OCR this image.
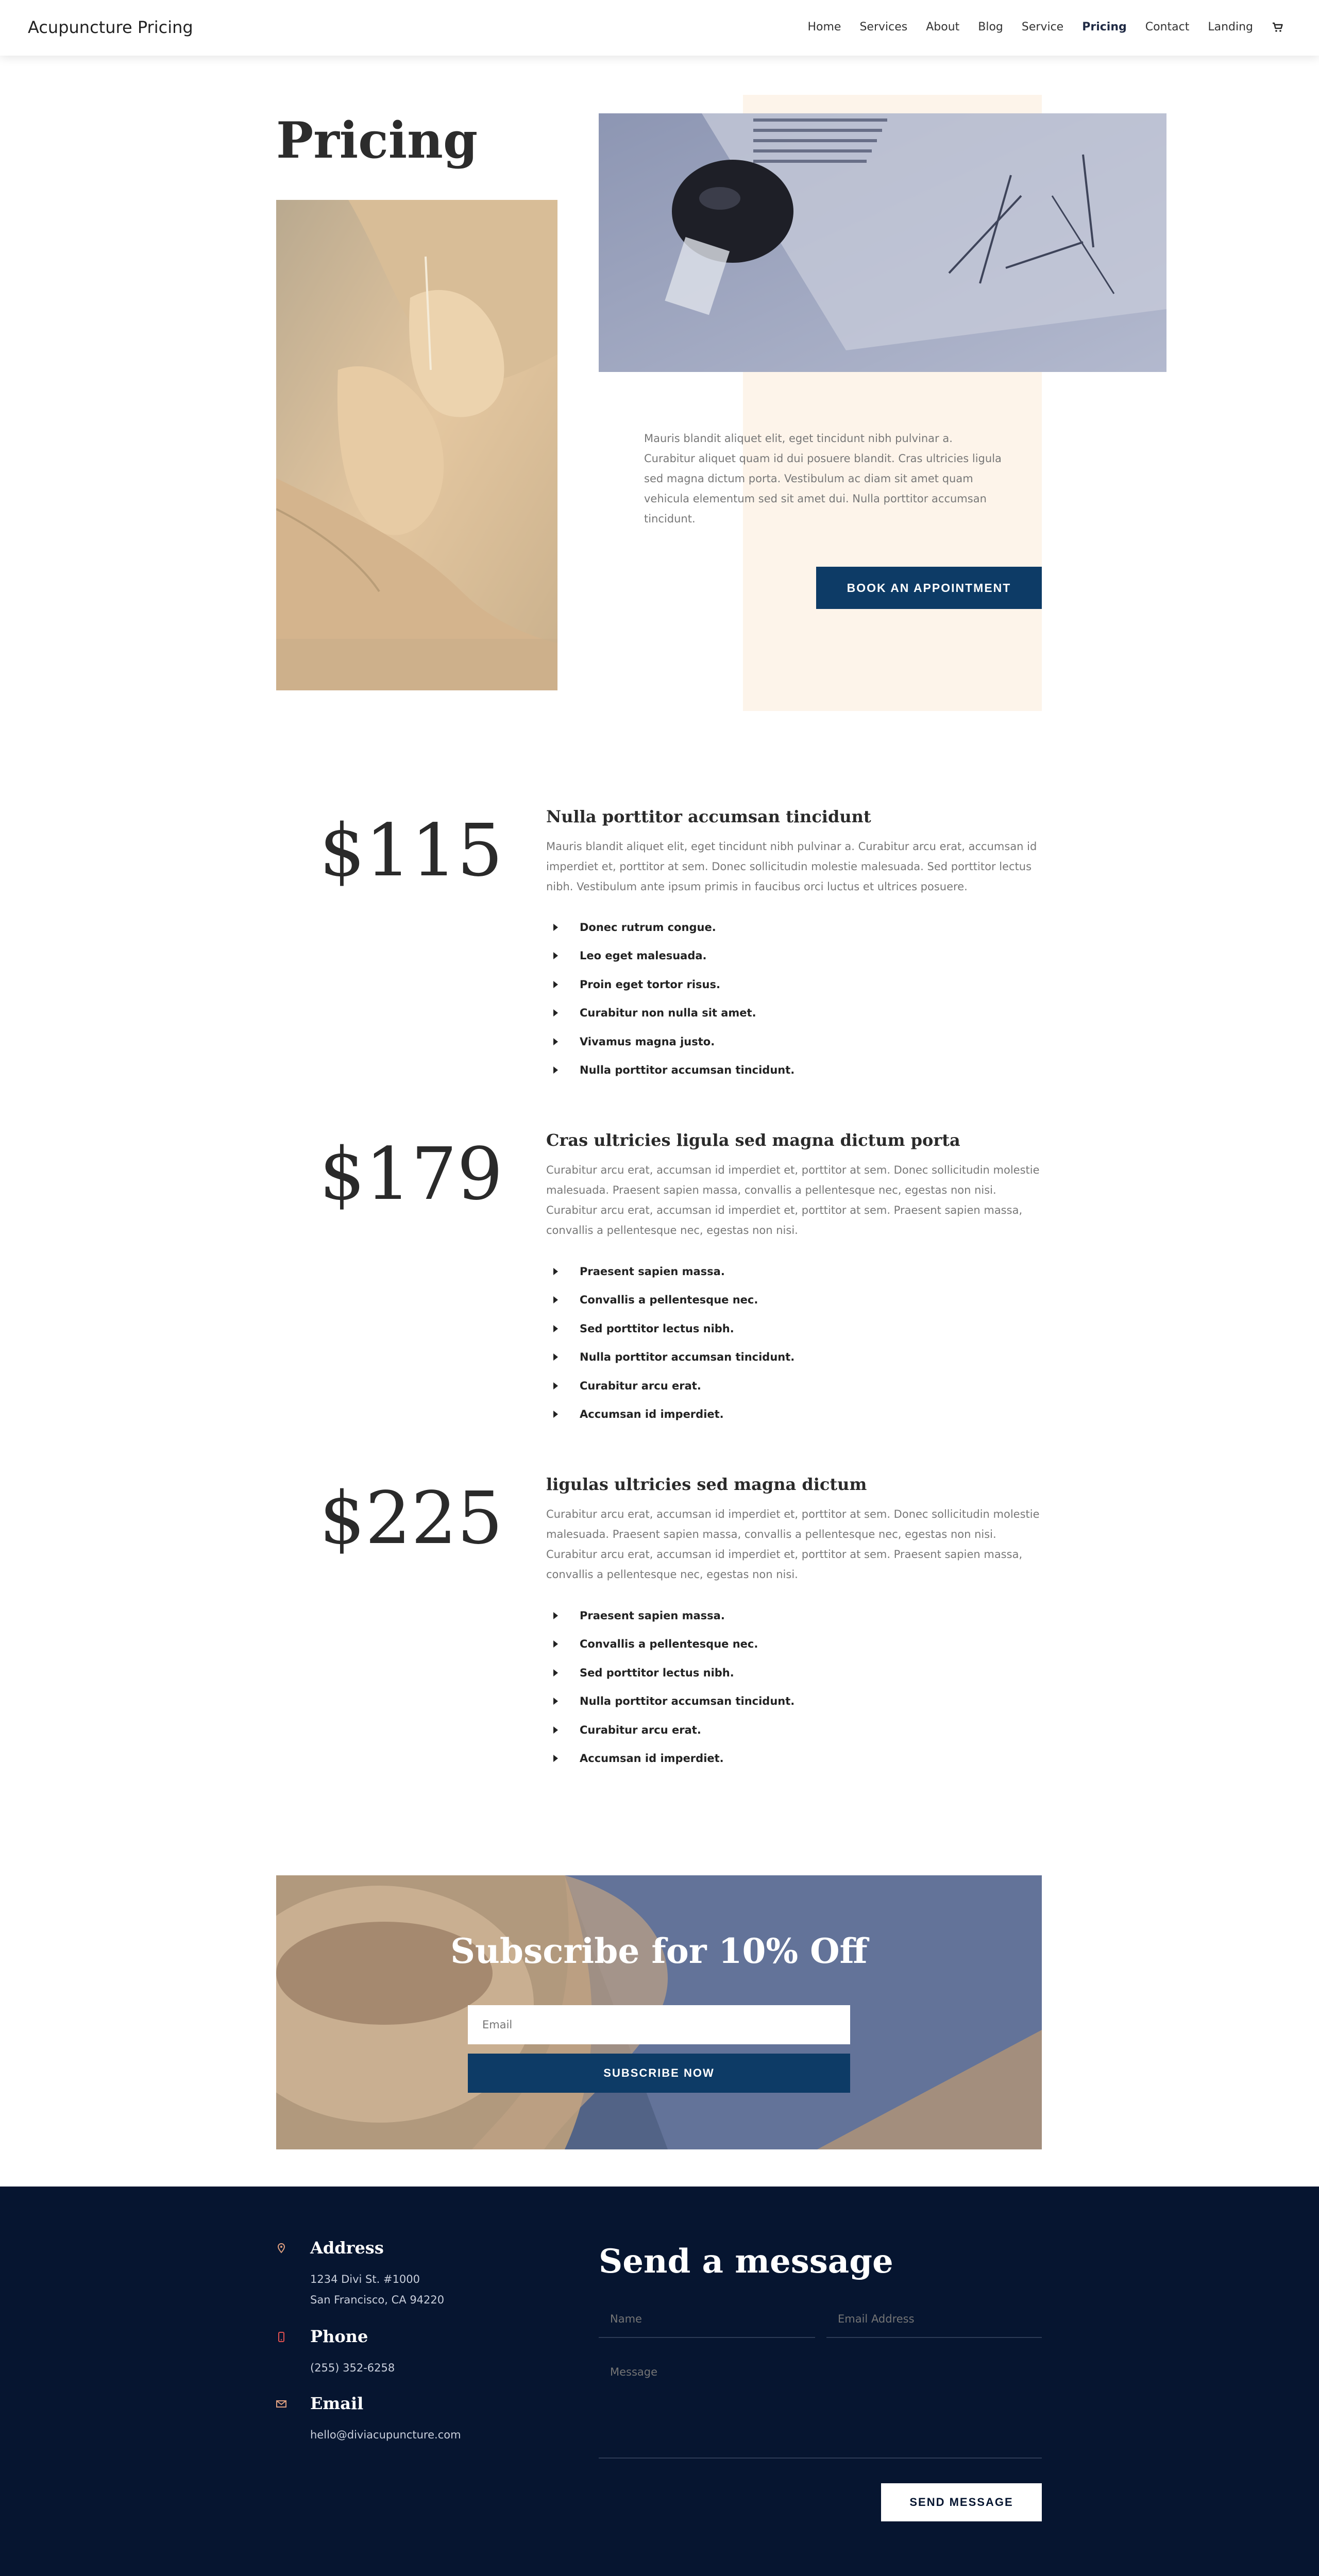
Acupuncture Pricing	Home Services About Blog Service Pricing Contact Landing
Pricing

Mauris blandit aliquet elit, eget tincidunt nibh pulvinar a. Curabitur aliquet quam id dui posuere blandit. Cras ultricies ligula sed magna dictum porta. Vestibulum ac diam sit amet quam vehicula elementum sed sit amet dui. Nulla porttitor accumsan tincidunt.

BOOK AN APPOINTMENT
$115	Nulla porttitor accumsan tincidunt

Mauris blandit aliquet elit, eget tincidunt nibh pulvinar a. Curabitur arcu erat, accumsan id imperdiet et, porttitor at sem. Donec sollicitudin molestie malesuada. Sed porttitor lectus nibh. Vestibulum ante ipsum primis in faucibus orci luctus et ultrices posuere.

Donec rutrum congue.
Leo eget malesuada.
Proin eget tortor risus.
Curabitur non nulla sit amet.
Vivamus magna justo.
Nulla porttitor accumsan tincidunt.
$179	Cras ultricies ligula sed magna dictum porta

Curabitur arcu erat, accumsan id imperdiet et, porttitor at sem. Donec sollicitudin molestie malesuada. Praesent sapien massa, convallis a pellentesque nec, egestas non nisi. Curabitur arcu erat, accumsan id imperdiet et, porttitor at sem. Praesent sapien massa, convallis a pellentesque nec, egestas non nisi.

Praesent sapien massa.
Convallis a pellentesque nec.
Sed porttitor lectus nibh.
Nulla porttitor accumsan tincidunt.
Curabitur arcu erat.
Accumsan id imperdiet.
$225	ligulas ultricies sed magna dictum

Curabitur arcu erat, accumsan id imperdiet et, porttitor at sem. Donec sollicitudin molestie malesuada. Praesent sapien massa, convallis a pellentesque nec, egestas non nisi. Curabitur arcu erat, accumsan id imperdiet et, porttitor at sem. Praesent sapien massa, convallis a pellentesque nec, egestas non nisi.

Praesent sapien massa.
Convallis a pellentesque nec.
Sed porttitor lectus nibh.
Nulla porttitor accumsan tincidunt.
Curabitur arcu erat.
Accumsan id imperdiet.

Subscribe for 10% Off
Email
SUBSCRIBE NOW
Address
1234 Divi St. #1000
San Francisco, CA 94220
Phone
(255) 352-6258
Email
hello@diviacupuncture.com
Send a message
Name
Email Address
Message
SEND MESSAGE
